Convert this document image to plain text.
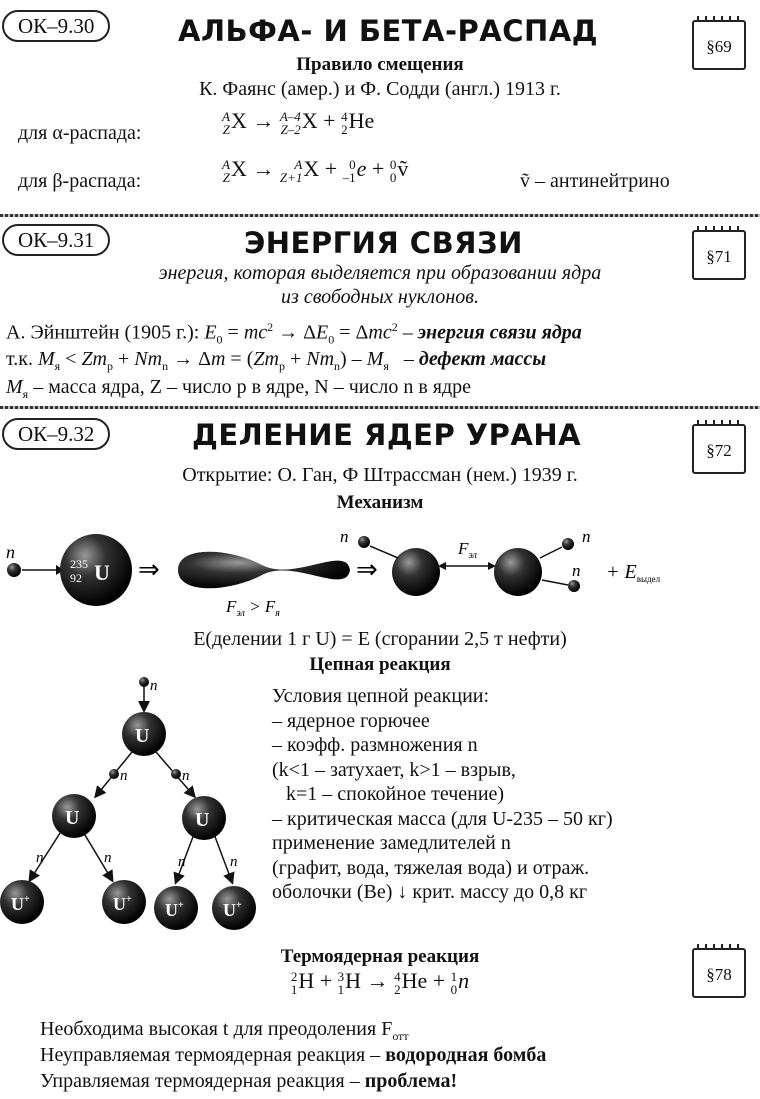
ОК–9.30	АЛЬФА- И БЕТА-РАСПАД	§69
Правило смещения
К. Фаянс (амер.) и Ф. Содди (англ.) 1913 г.
для α-распада:
A
Z X → A–4
Z–2 X + 4
2 He
для β-распада:
A
Z X →	A
Z+1 X + 0
–1 e + 0
0 ṽ	ṽ – антинейтрино
ОК–9.31	ЭНЕРГИЯ СВЯЗИ	§71
энергия, которая выделяется при образовании ядра
из свободных нуклонов.
А. Эйнштейн (1905 г.): $E_0 = mc^2 \to \Delta E_0 = \Delta mc^2$ – энергия связи ядра
т.к. $M_я < Zm_p + Nm_n \to \Delta m = (Zm_p + Nm_n) - M_я$   – дефект массы
$M_я$ – масса ядра, Z – число p в ядре, N – число n в ядре
ОК–9.32	ДЕЛЕНИЕ ЯДЕР УРАНА	§72
Открытие: О. Ган, Ф Штрассман (нем.) 1939 г.
Механизм
n
235
92 U ⇒
$F_{эл} > F_я$
⇒
$F_{эл}$
n	n
$n + E_{выдел}$
E(делении 1 г U) = E (сгорании 2,5 т нефти)
Цепная реакция
n
U
n	n
U	U
U+	U+
U+ U+
n	n	n	n
Условия цепной реакции:
– ядерное горючее
– коэфф. размножения n
(k<1 – затухает, k>1 – взрыв,
k=1 – спокойное течение)
– критическая масса (для U-235 – 50 кг)
применение замедлителей n
(графит, вода, тяжелая вода) и отраж.
оболочки (Be) ↓ крит. массу до 0,8 кг
Термоядерная реакция
§78
2
1 H + 3
1 H → 4
2 He + 1
0 n
Необходима высокая t для преодоления $F_{отт}$
Неуправляемая термоядерная реакция – водородная бомба
Управляемая термоядерная реакция – проблема!
